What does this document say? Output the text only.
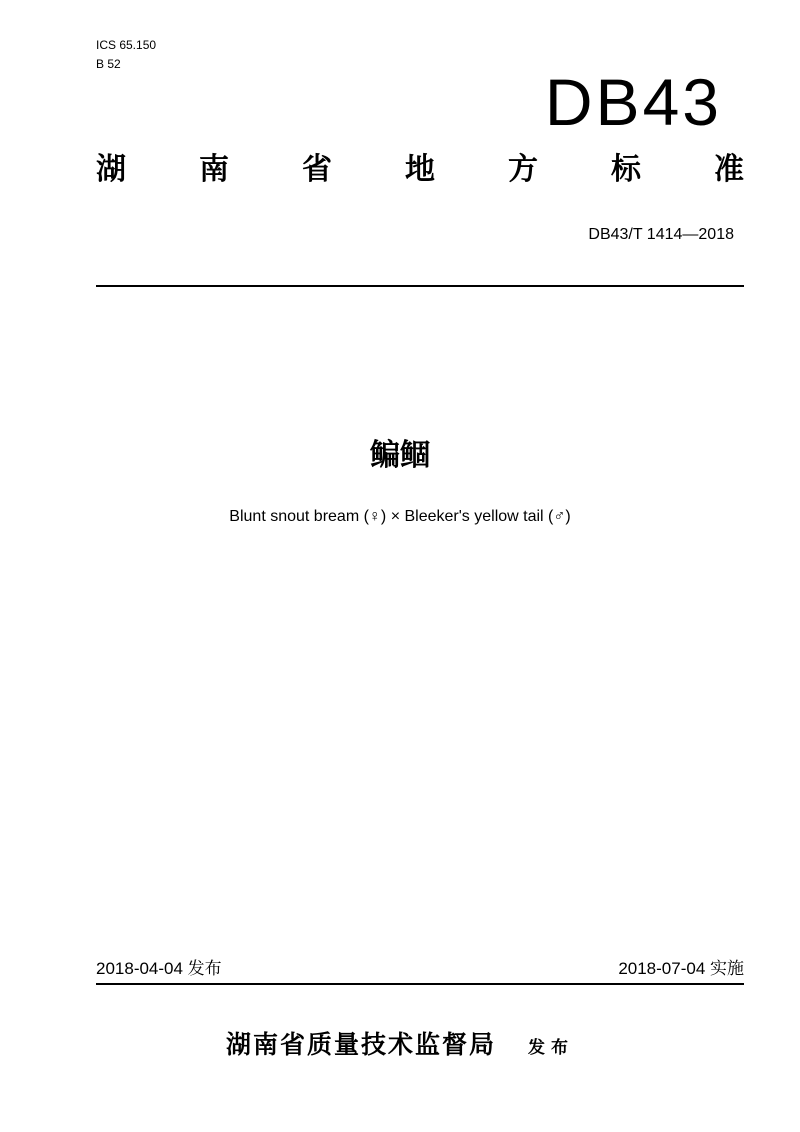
ICS 65.150
B 52
DB43
湖 南 省 地 方 标 准
DB43/T 1414—2018
鳊鲴
Blunt snout bream (♀) × Bleeker's yellow tail (♂)
2018-04-04 发布	2018-07-04 实施
湖南省质量技术监督局 发布
